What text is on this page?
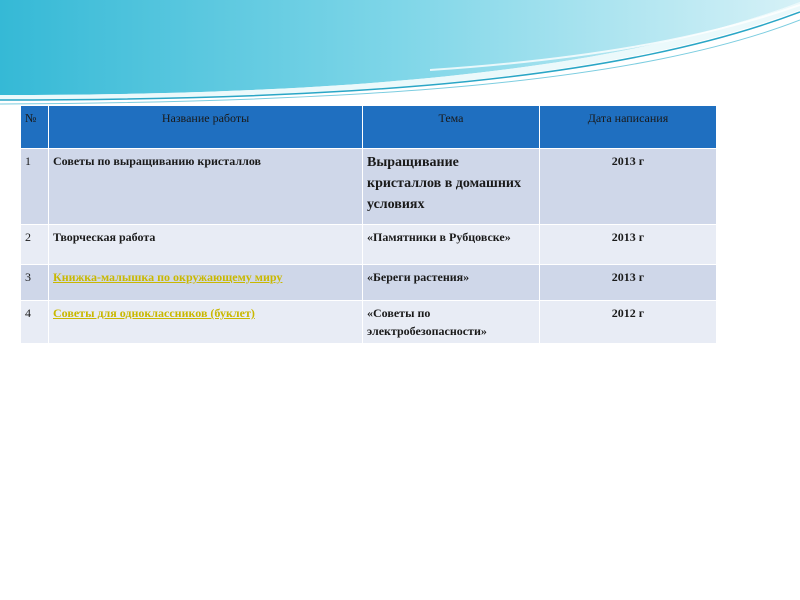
№	Название работы	Тема	Дата написания
1	Советы по выращиванию кристаллов	Выращивание кристаллов в домашних условиях	2013 г
2	Творческая работа	«Памятники в Рубцовске»	2013 г
3	Книжка-малышка по окружающему миру	«Береги растения»	2013 г
4	Советы для одноклассников (буклет)	«Советы по электробезопасности»	2012 г
